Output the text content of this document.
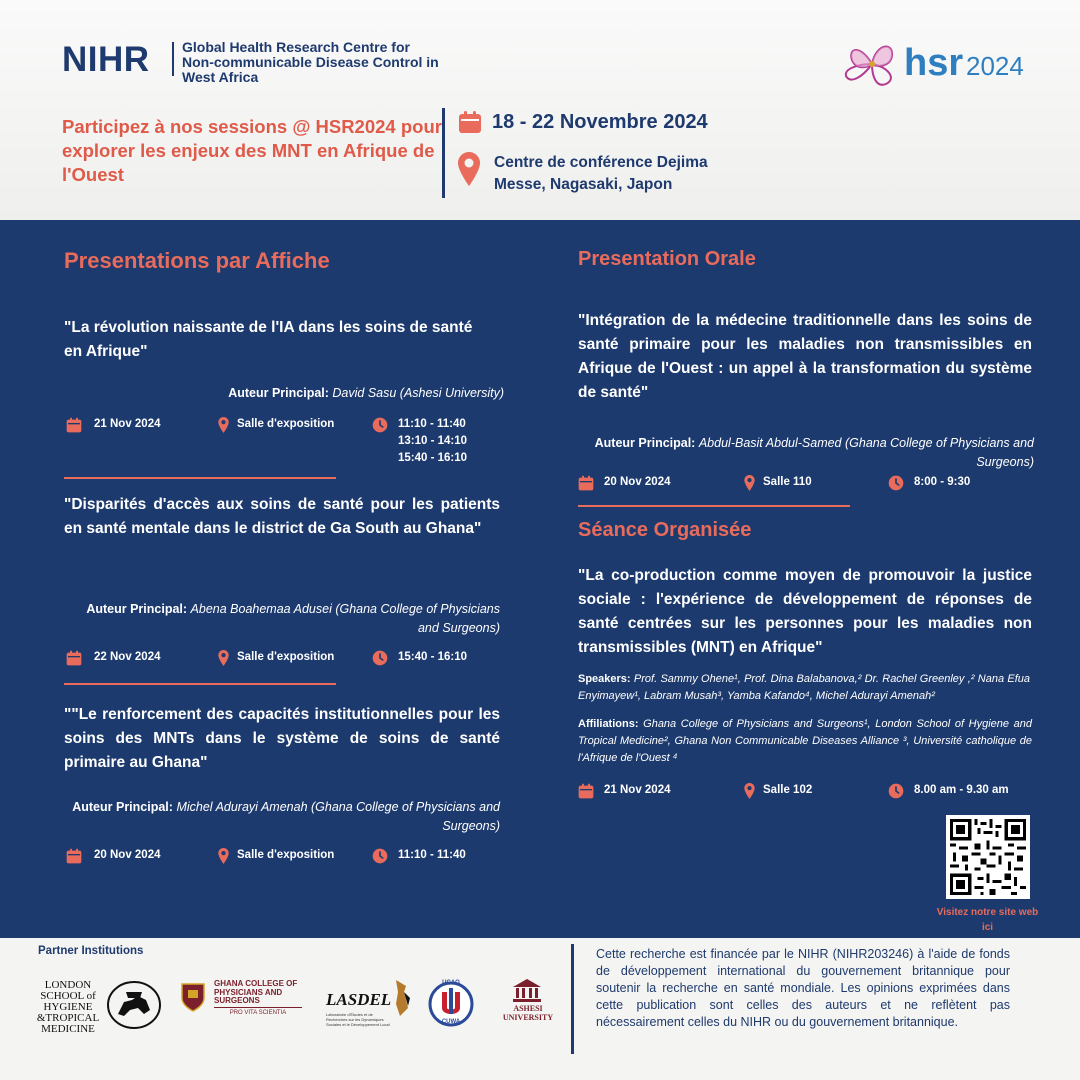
NIHR Global Health Research Centre for Non-communicable Disease Control in West Africa	hsr 2024
Participez à nos sessions @ HSR2024 pour explorer les enjeux des MNT en Afrique de l'Ouest
18 - 22 Novembre 2024
Centre de conférence Dejima
Messe, Nagasaki, Japon
Presentations par Affiche
"La révolution naissante de l'IA dans les soins de santé en Afrique"
Auteur Principal: David Sasu (Ashesi University)
21 Nov 2024	Salle d'exposition	11:10 - 11:40
13:10 - 14:10
15:40 - 16:10
"Disparités d'accès aux soins de santé pour les patients en santé mentale dans le district de Ga South au Ghana"
Auteur Principal: Abena Boahemaa Adusei (Ghana College of Physicians and Surgeons)
22 Nov 2024	Salle d'exposition	15:40 - 16:10
""Le renforcement des capacités institutionnelles pour les soins des MNTs dans le système de soins de santé primaire au Ghana"
Auteur Principal: Michel Adurayi Amenah (Ghana College of Physicians and Surgeons)
20 Nov 2024	Salle d'exposition	11:10 - 11:40
Presentation Orale
"Intégration de la médecine traditionnelle dans les soins de santé primaire pour les maladies non transmissibles en Afrique de l'Ouest : un appel à la transformation du système de santé"
Auteur Principal: Abdul-Basit Abdul-Samed (Ghana College of Physicians and Surgeons)
20 Nov 2024	Salle 110	8:00 - 9:30
Séance Organisée
"La co-production comme moyen de promouvoir la justice sociale : l'expérience de développement de réponses de santé centrées sur les personnes pour les maladies non transmissibles (MNT) en Afrique"
Speakers: Prof. Sammy Ohene¹, Prof. Dina Balabanova,² Dr. Rachel Greenley ,² Nana Efua Enyimayew¹, Labram Musah³, Yamba Kafando⁴, Michel Adurayi Amenah²
Affiliations: Ghana College of Physicians and Surgeons¹, London School of Hygiene and Tropical Medicine², Ghana Non Communicable Diseases Alliance ³, Université catholique de l'Afrique de l'Ouest ⁴
21 Nov 2024	Salle 102	8.00 am - 9.30 am
Visitez notre site web ici
Partner Institutions
LONDON
SCHOOL of
HYGIENE
&TROPICAL
MEDICINE
GHANA COLLEGE OF
PHYSICIANS AND
SURGEONS
PRO VITA SCIENTIA
LASDEL
Laboratoire d'Études et de Recherches sur les Dynamiques Sociales et le Développement Local
UCAO
CUWA
ASHESI
UNIVERSITY
Cette recherche est financée par le NIHR (NIHR203246) à l'aide de fonds de développement international du gouvernement britannique pour soutenir la recherche en santé mondiale. Les opinions exprimées dans cette publication sont celles des auteurs et ne reflètent pas nécessairement celles du NIHR ou du gouvernement britannique.
